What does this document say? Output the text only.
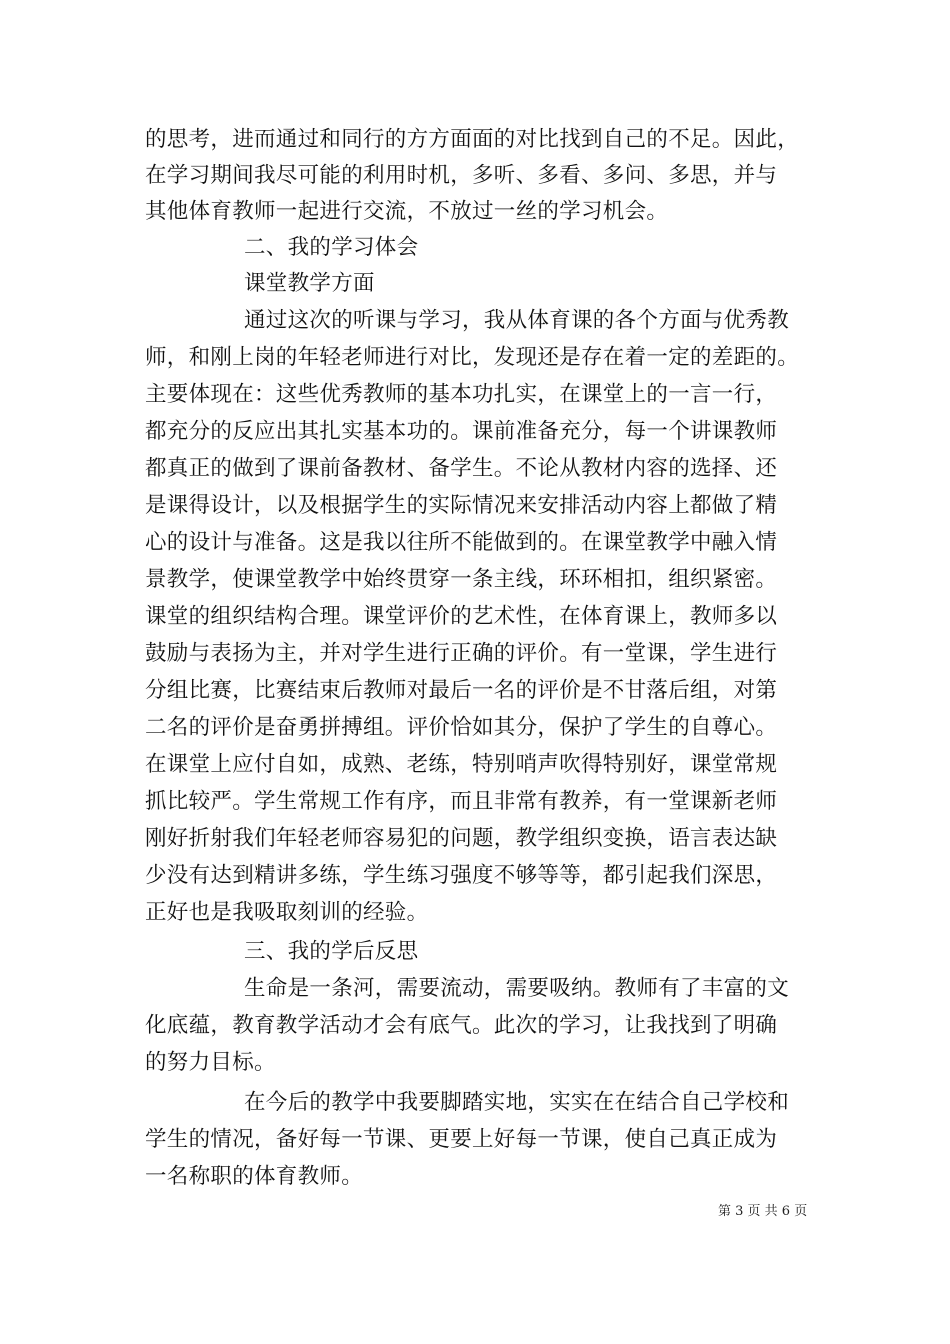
的思考，进而通过和同行的方方面面的对比找到自己的不足。因此，
在学习期间我尽可能的利用时机，多听、多看、多问、多思，并与
其他体育教师一起进行交流，不放过一丝的学习机会。
二、我的学习体会
课堂教学方面
通过这次的听课与学习，我从体育课的各个方面与优秀教
师，和刚上岗的年轻老师进行对比，发现还是存在着一定的差距的。
主要体现在：这些优秀教师的基本功扎实，在课堂上的一言一行，
都充分的反应出其扎实基本功的。课前准备充分，每一个讲课教师
都真正的做到了课前备教材、备学生。不论从教材内容的选择、还
是课得设计，以及根据学生的实际情况来安排活动内容上都做了精
心的设计与准备。这是我以往所不能做到的。在课堂教学中融入情
景教学，使课堂教学中始终贯穿一条主线，环环相扣，组织紧密。
课堂的组织结构合理。课堂评价的艺术性，在体育课上，教师多以
鼓励与表扬为主，并对学生进行正确的评价。有一堂课，学生进行
分组比赛，比赛结束后教师对最后一名的评价是不甘落后组，对第
二名的评价是奋勇拼搏组。评价恰如其分，保护了学生的自尊心。
在课堂上应付自如，成熟、老练，特别哨声吹得特别好，课堂常规
抓比较严。学生常规工作有序，而且非常有教养，有一堂课新老师
刚好折射我们年轻老师容易犯的问题，教学组织变换，语言表达缺
少没有达到精讲多练，学生练习强度不够等等，都引起我们深思，
正好也是我吸取刻训的经验。
三、我的学后反思
生命是一条河，需要流动，需要吸纳。教师有了丰富的文
化底蕴，教育教学活动才会有底气。此次的学习，让我找到了明确
的努力目标。
在今后的教学中我要脚踏实地，实实在在结合自己学校和
学生的情况，备好每一节课、更要上好每一节课，使自己真正成为
一名称职的体育教师。
第 3 页 共 6 页
